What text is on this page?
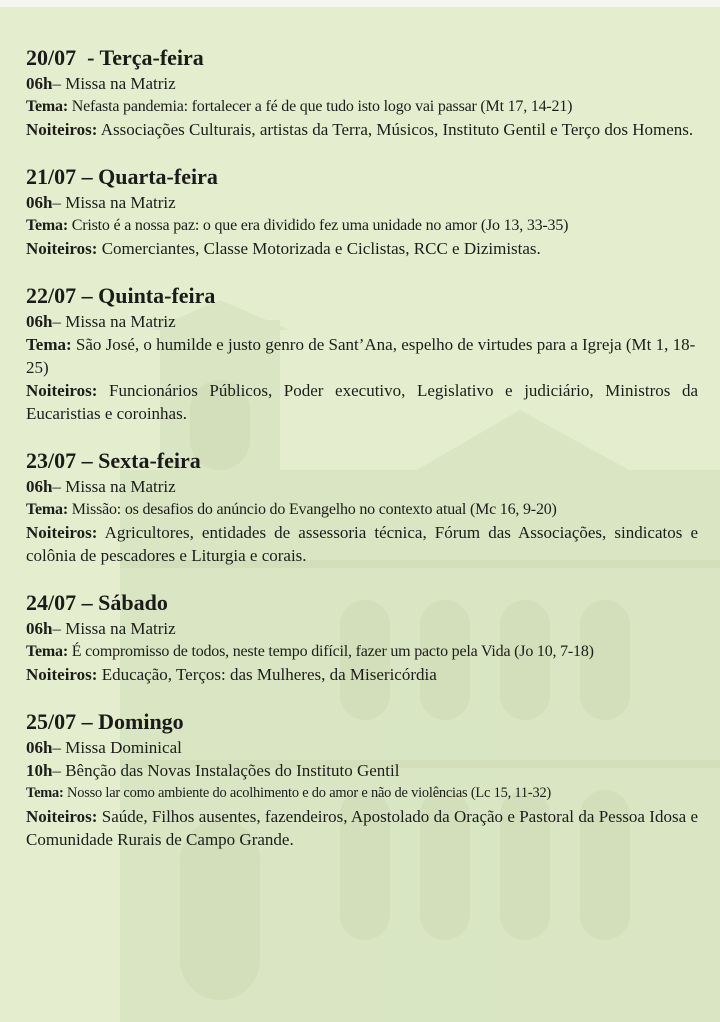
20/07  - Terça-feira
06h– Missa na Matriz
Tema: Nefasta pandemia: fortalecer a fé de que tudo isto logo vai passar (Mt 17, 14-21)
Noiteiros: Associações Culturais, artistas da Terra, Músicos, Instituto Gentil e Terço dos Homens.
21/07 – Quarta-feira
06h– Missa na Matriz
Tema: Cristo é a nossa paz: o que era dividido fez uma unidade no amor (Jo 13, 33-35)
Noiteiros: Comerciantes, Classe Motorizada e Ciclistas, RCC e Dizimistas.
22/07 – Quinta-feira
06h– Missa na Matriz
Tema: São José, o humilde e justo genro de Sant’Ana, espelho de virtudes para a Igreja (Mt 1, 18-25)
Noiteiros: Funcionários Públicos, Poder executivo, Legislativo e judiciário, Ministros da Eucaristias e coroinhas.
23/07 – Sexta-feira
06h– Missa na Matriz
Tema: Missão: os desafios do anúncio do Evangelho no contexto atual (Mc 16, 9-20)
Noiteiros: Agricultores, entidades de assessoria técnica, Fórum das Associações, sindicatos e colônia de pescadores e Liturgia e corais.
24/07 – Sábado
06h– Missa na Matriz
Tema: É compromisso de todos, neste tempo difícil, fazer um pacto pela Vida (Jo 10, 7-18)
Noiteiros: Educação, Terços: das Mulheres, da Misericórdia
25/07 – Domingo
06h– Missa Dominical
10h– Bênção das Novas Instalações do Instituto Gentil
Tema: Nosso lar como ambiente do acolhimento e do amor e não de violências (Lc 15, 11-32)
Noiteiros: Saúde, Filhos ausentes, fazendeiros, Apostolado da Oração e Pastoral da Pessoa Idosa e Comunidade Rurais de Campo Grande.
